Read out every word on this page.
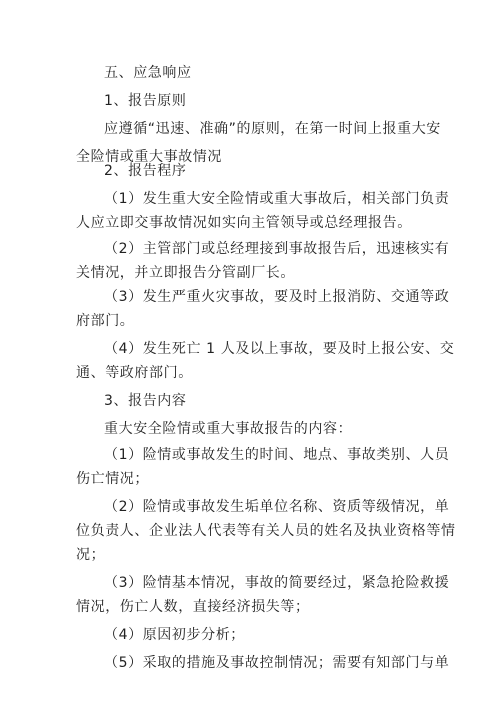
五、应急响应
1、报告原则
应遵循“迅速、准确”的原则，在第一时间上报重大安
全险情或重大事故情况
2、报告程序
（1）发生重大安全险情或重大事故后，相关部门负责
人应立即交事故情况如实向主管领导或总经理报告。
（2）主管部门或总经理接到事故报告后，迅速核实有
关情况，并立即报告分管副厂长。
（3）发生严重火灾事故，要及时上报消防、交通等政
府部门。
（4）发生死亡 1 人及以上事故，要及时上报公安、交
通、等政府部门。
3、报告内容
重大安全险情或重大事故报告的内容：
（1）险情或事故发生的时间、地点、事故类别、人员
伤亡情况；
（2）险情或事故发生垢单位名称、资质等级情况，单
位负责人、企业法人代表等有关人员的姓名及执业资格等情
况；
（3）险情基本情况，事故的简要经过，紧急抢险救援
情况，伤亡人数，直接经济损失等；
（4）原因初步分析；
（5）采取的措施及事故控制情况；需要有知部门与单
